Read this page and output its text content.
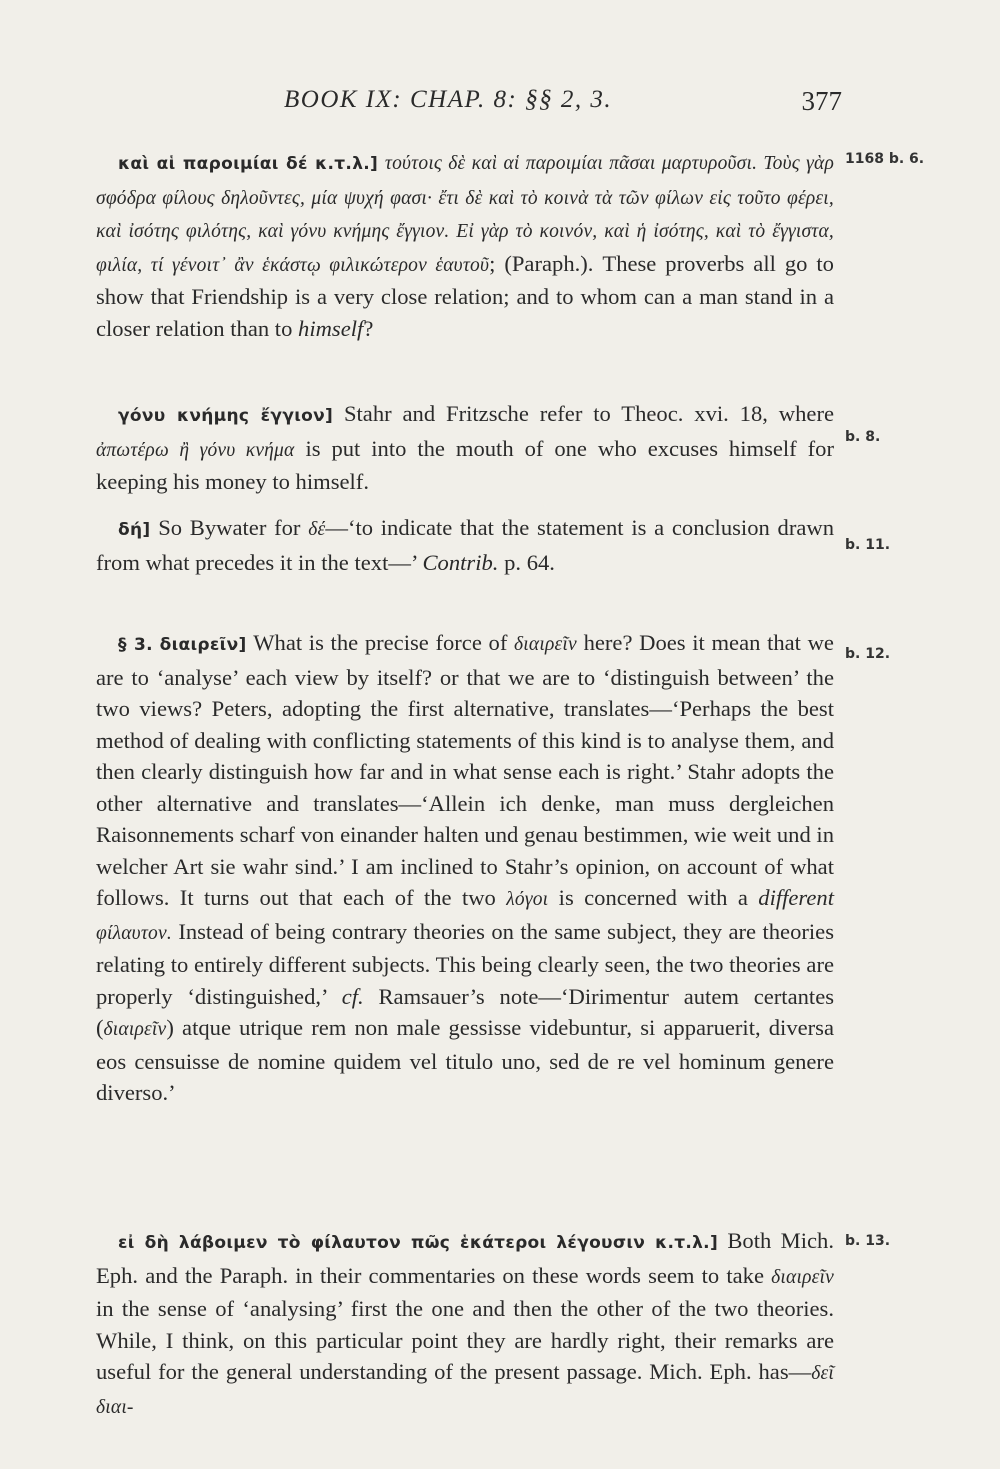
BOOK IX: CHAP. 8: §§ 2, 3.	377

καὶ αἱ παροιμίαι δέ κ.τ.λ.] τούτοις δὲ καὶ αἱ παροιμίαι πᾶσαι μαρτυροῦσι. Τοὺς γὰρ σφόδρα φίλους δηλοῦντες, μία ψυχή φασι· ἔτι δὲ καὶ τὸ κοινὰ τὰ τῶν φίλων εἰς τοῦτο φέρει, καὶ ἰσότης φιλότης, καὶ γόνυ κνήμης ἔγγιον. Εἰ γὰρ τὸ κοινόν, καὶ ἡ ἰσότης, καὶ τὸ ἔγγιστα, φιλία, τί γένοιτ᾽ ἂν ἑκάστῳ φιλικώτερον ἑαυτοῦ; (Paraph.). These proverbs all go to show that Friendship is a very close relation; and to whom can a man stand in a closer relation than to himself?

1168 b. 6.

γόνυ κνήμης ἔγγιον] Stahr and Fritzsche refer to Theoc. xvi. 18, where ἀπωτέρω ἢ γόνυ κνήμα is put into the mouth of one who excuses himself for keeping his money to himself.

b. 8.

δή] So Bywater for δέ—‘to indicate that the statement is a conclusion drawn from what precedes it in the text—’ Contrib. p. 64.

b. 11.

§ 3. διαιρεῖν] What is the precise force of διαιρεῖν here? Does it mean that we are to ‘analyse’ each view by itself? or that we are to ‘distinguish between’ the two views? Peters, adopting the first alternative, translates—‘Perhaps the best method of dealing with conflicting statements of this kind is to analyse them, and then clearly distinguish how far and in what sense each is right.’ Stahr adopts the other alternative and translates—‘Allein ich denke, man muss dergleichen Raisonnements scharf von einander halten und genau bestimmen, wie weit und in welcher Art sie wahr sind.’ I am inclined to Stahr’s opinion, on account of what follows. It turns out that each of the two λόγοι is concerned with a different φίλαυτον. Instead of being contrary theories on the same subject, they are theories relating to entirely different subjects. This being clearly seen, the two theories are properly ‘distinguished,’ cf. Ramsauer’s note—‘Dirimentur autem certantes (διαιρεῖν) atque utrique rem non male gessisse videbuntur, si apparuerit, diversa eos censuisse de nomine quidem vel titulo uno, sed de re vel hominum genere diverso.’

b. 12.

εἰ δὴ λάβοιμεν τὸ φίλαυτον πῶς ἑκάτεροι λέγουσιν κ.τ.λ.] Both Mich. Eph. and the Paraph. in their commentaries on these words seem to take διαιρεῖν in the sense of ‘analysing’ first the one and then the other of the two theories. While, I think, on this particular point they are hardly right, their remarks are useful for the general understanding of the present passage. Mich. Eph. has—δεῖ διαι-

b. 13.
